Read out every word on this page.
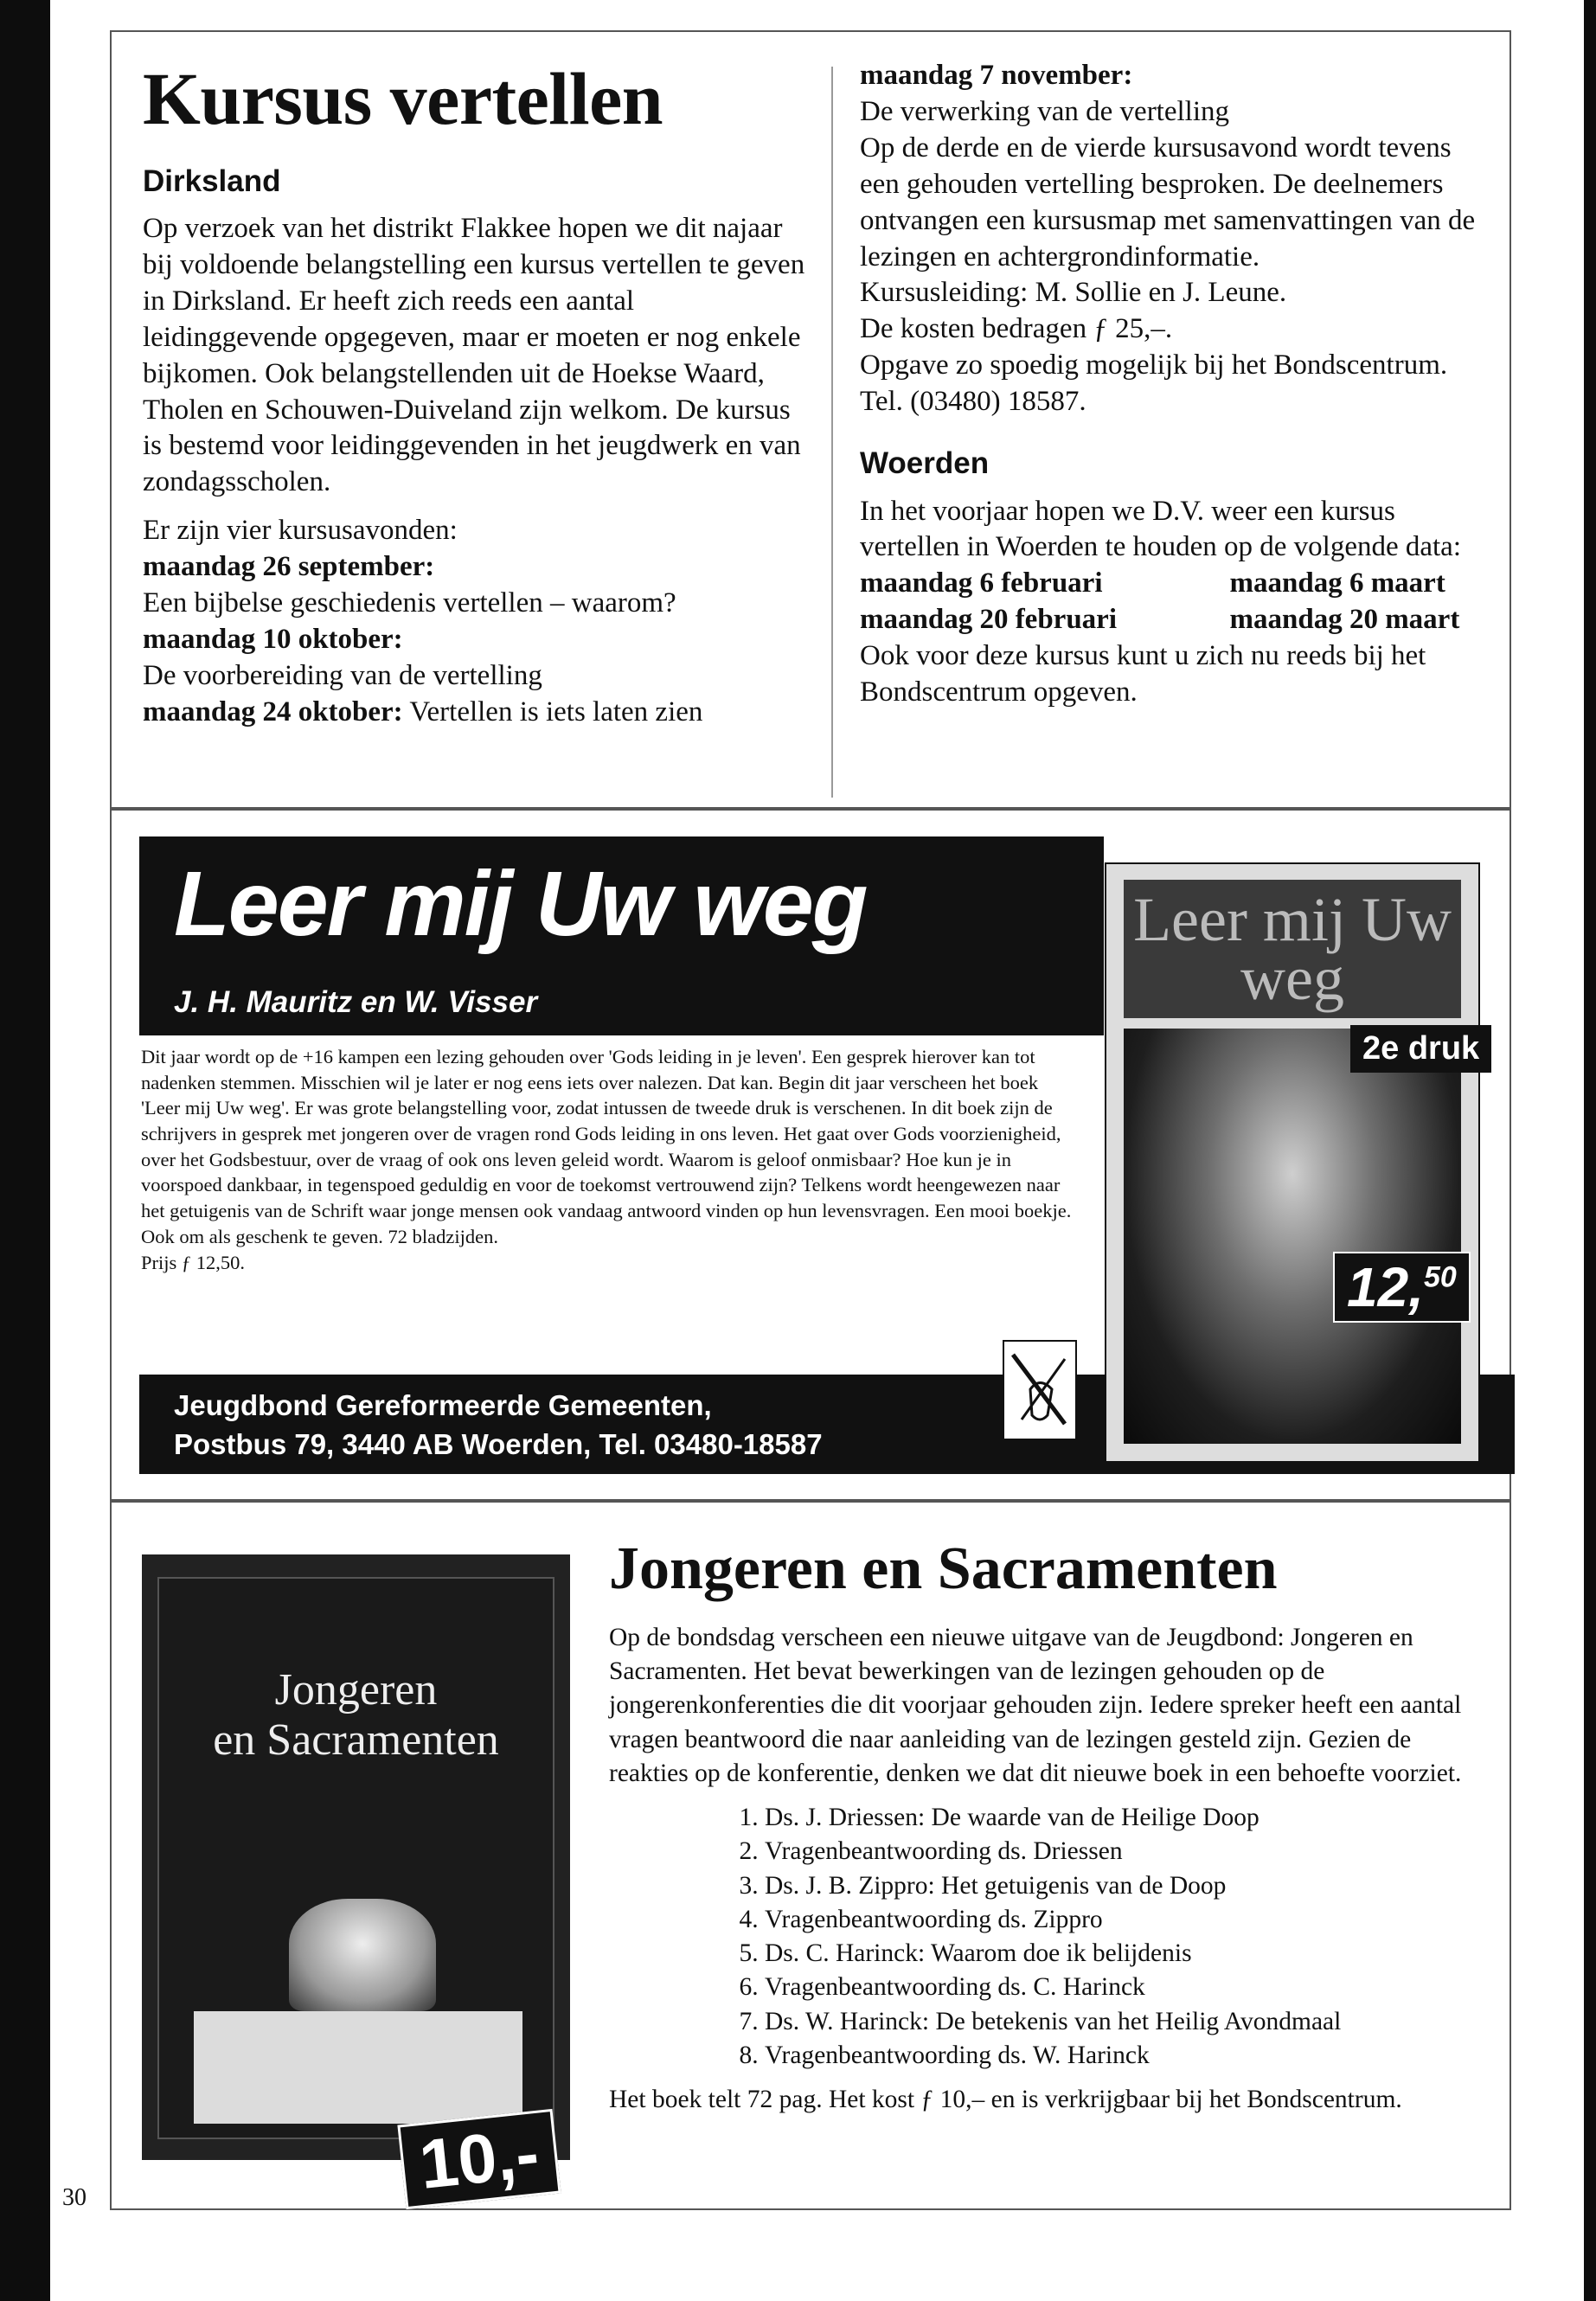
Kursus vertellen
Dirksland

Op verzoek van het distrikt Flakkee hopen we dit najaar bij voldoende belangstelling een kursus vertellen te geven in Dirksland. Er heeft zich reeds een aantal leidinggevende opgegeven, maar er moeten er nog enkele bijkomen. Ook belangstellenden uit de Hoekse Waard, Tholen en Schouwen-Duiveland zijn welkom. De kursus is bestemd voor leidinggevenden in het jeugdwerk en van zondagsscholen.

Er zijn vier kursusavonden:

maandag 26 september:

Een bijbelse geschiedenis vertellen – waarom?

maandag 10 oktober:

De voorbereiding van de vertelling

maandag 24 oktober: Vertellen is iets laten zien

maandag 7 november:

De verwerking van de vertelling

Op de derde en de vierde kursusavond wordt tevens een gehouden vertelling besproken. De deelnemers ontvangen een kursusmap met samenvattingen van de lezingen en achtergrondinformatie.

Kursusleiding: M. Sollie en J. Leune.

De kosten bedragen ƒ 25,–.

Opgave zo spoedig mogelijk bij het Bondscentrum. Tel. (03480) 18587.

Woerden

In het voorjaar hopen we D.V. weer een kursus vertellen in Woerden te houden op de volgende data:

maandag 6 februari	maandag 6 maart
maandag 20 februari	maandag 20 maart

Ook voor deze kursus kunt u zich nu reeds bij het Bondscentrum opgeven.

Leer mij Uw weg
J. H. Mauritz en W. Visser

Dit jaar wordt op de +16 kampen een lezing gehouden over 'Gods leiding in je leven'. Een gesprek hierover kan tot nadenken stemmen. Misschien wil je later er nog eens iets over nalezen. Dat kan. Begin dit jaar verscheen het boek 'Leer mij Uw weg'. Er was grote belangstelling voor, zodat intussen de tweede druk is verschenen. In dit boek zijn de schrijvers in gesprek met jongeren over de vragen rond Gods leiding in ons leven. Het gaat over Gods voorzienigheid, over het Godsbestuur, over de vraag of ook ons leven geleid wordt. Waarom is geloof onmisbaar? Hoe kun je in voorspoed dankbaar, in tegenspoed geduldig en voor de toekomst vertrouwend zijn? Telkens wordt heengewezen naar het getuigenis van de Schrift waar jonge mensen ook vandaag antwoord vinden op hun levensvragen. Een mooi boekje. Ook om als geschenk te geven. 72 bladzijden.

Prijs ƒ 12,50.

Jeugdbond Gereformeerde Gemeenten,
Postbus 79, 3440 AB Woerden, Tel. 03480-18587
Leer mij Uw weg
2e druk
12,50
Jongeren
en Sacramenten
10,-
Jongeren en Sacramenten

Op de bondsdag verscheen een nieuwe uitgave van de Jeugdbond: Jongeren en Sacramenten. Het bevat bewerkingen van de lezingen gehouden op de jongerenkonferenties die dit voorjaar gehouden zijn. Iedere spreker heeft een aantal vragen beantwoord die naar aanleiding van de lezingen gesteld zijn. Gezien de reakties op de konferentie, denken we dat dit nieuwe boek in een behoefte voorziet.

1. Ds. J. Driessen: De waarde van de Heilige Doop
2. Vragenbeantwoording ds. Driessen
3. Ds. J. B. Zippro: Het getuigenis van de Doop
4. Vragenbeantwoording ds. Zippro
5. Ds. C. Harinck: Waarom doe ik belijdenis
6. Vragenbeantwoording ds. C. Harinck
7. Ds. W. Harinck: De betekenis van het Heilig Avondmaal
8. Vragenbeantwoording ds. W. Harinck

Het boek telt 72 pag. Het kost ƒ 10,– en is verkrijgbaar bij het Bondscentrum.

30
